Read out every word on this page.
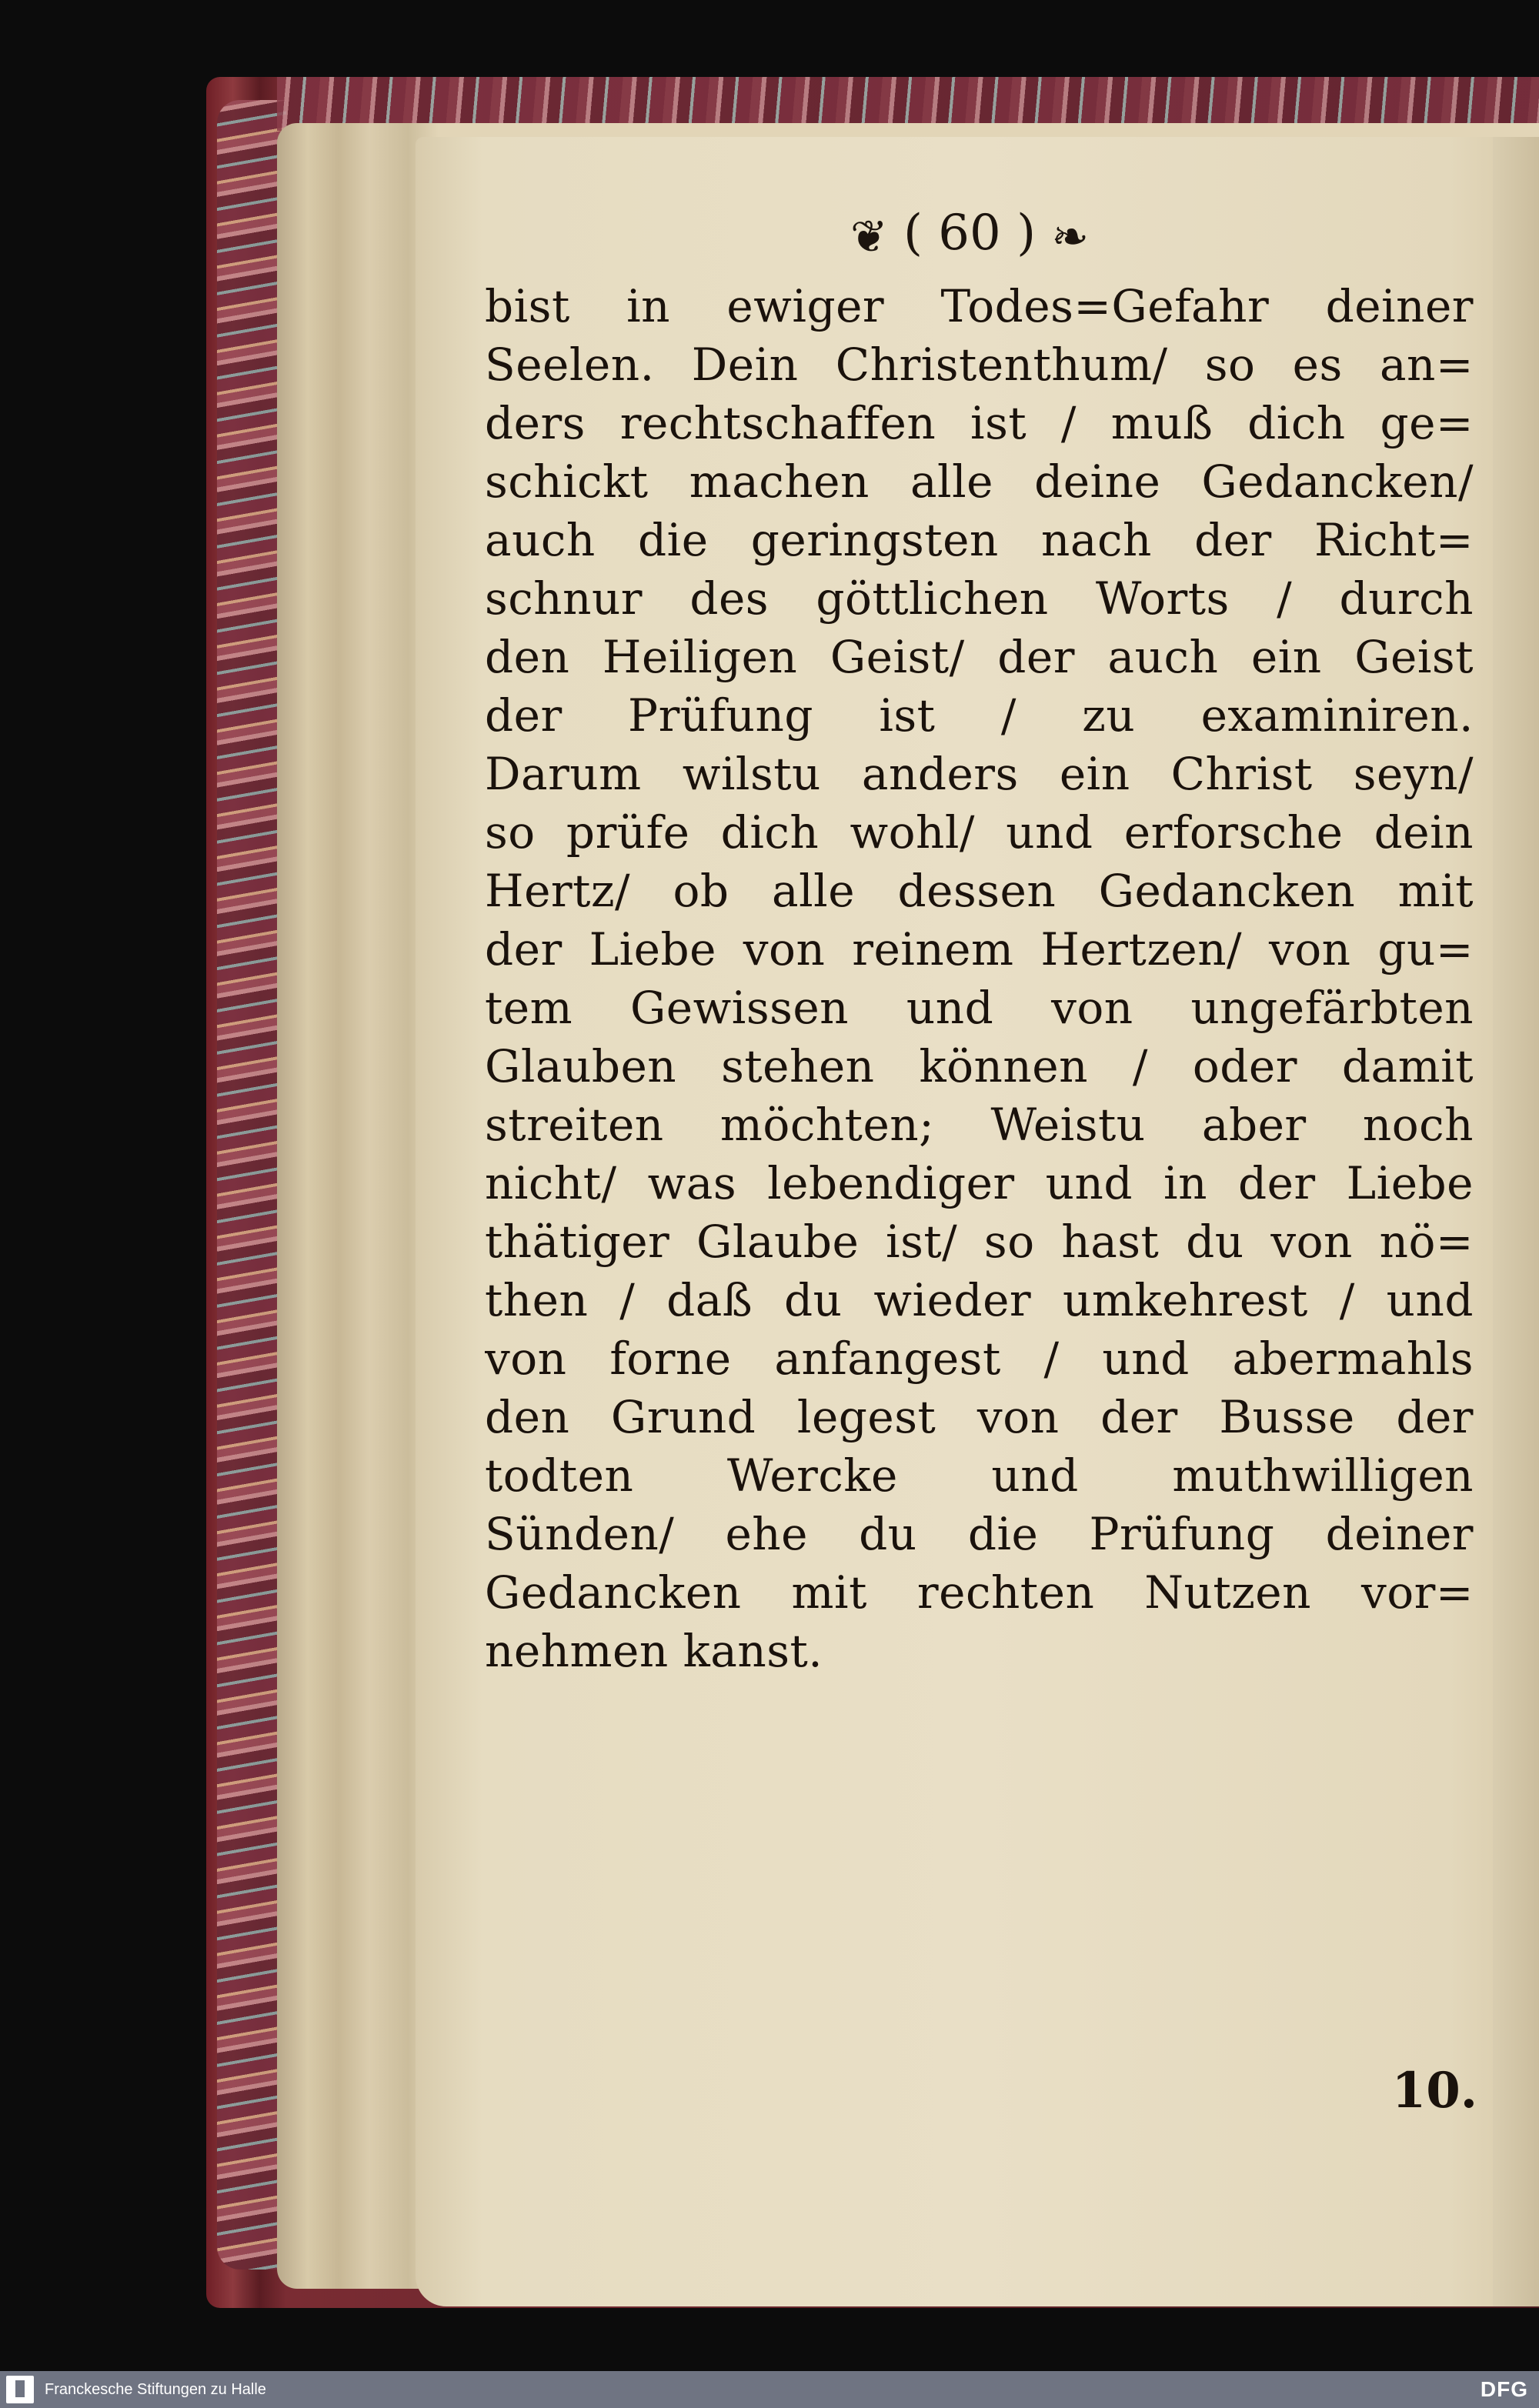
❦ ( 60 ) ❧
bist in ewiger Todes=Gefahr deiner
Seelen. Dein Christenthum/ so es an=
ders rechtschaffen ist / muß dich ge=
schickt machen alle deine Gedancken/
auch die geringsten nach der Richt=
schnur des göttlichen Worts / durch
den Heiligen Geist/ der auch ein Geist
der Prüfung ist / zu examiniren.
Darum wilstu anders ein Christ seyn/
so prüfe dich wohl/ und erforsche dein
Hertz/ ob alle dessen Gedancken mit
der Liebe von reinem Hertzen/ von gu=
tem Gewissen und von ungefärbten
Glauben stehen können / oder damit
streiten möchten; Weistu aber noch
nicht/ was lebendiger und in der Liebe
thätiger Glaube ist/ so hast du von nö=
then / daß du wieder umkehrest / und
von forne anfangest / und abermahls
den Grund legest von der Busse der
todten Wercke und muthwilligen
Sünden/ ehe du die Prüfung deiner
Gedancken mit rechten Nutzen vor=
nehmen kanst.
10.
Franckesche Stiftungen zu Halle	DFG
